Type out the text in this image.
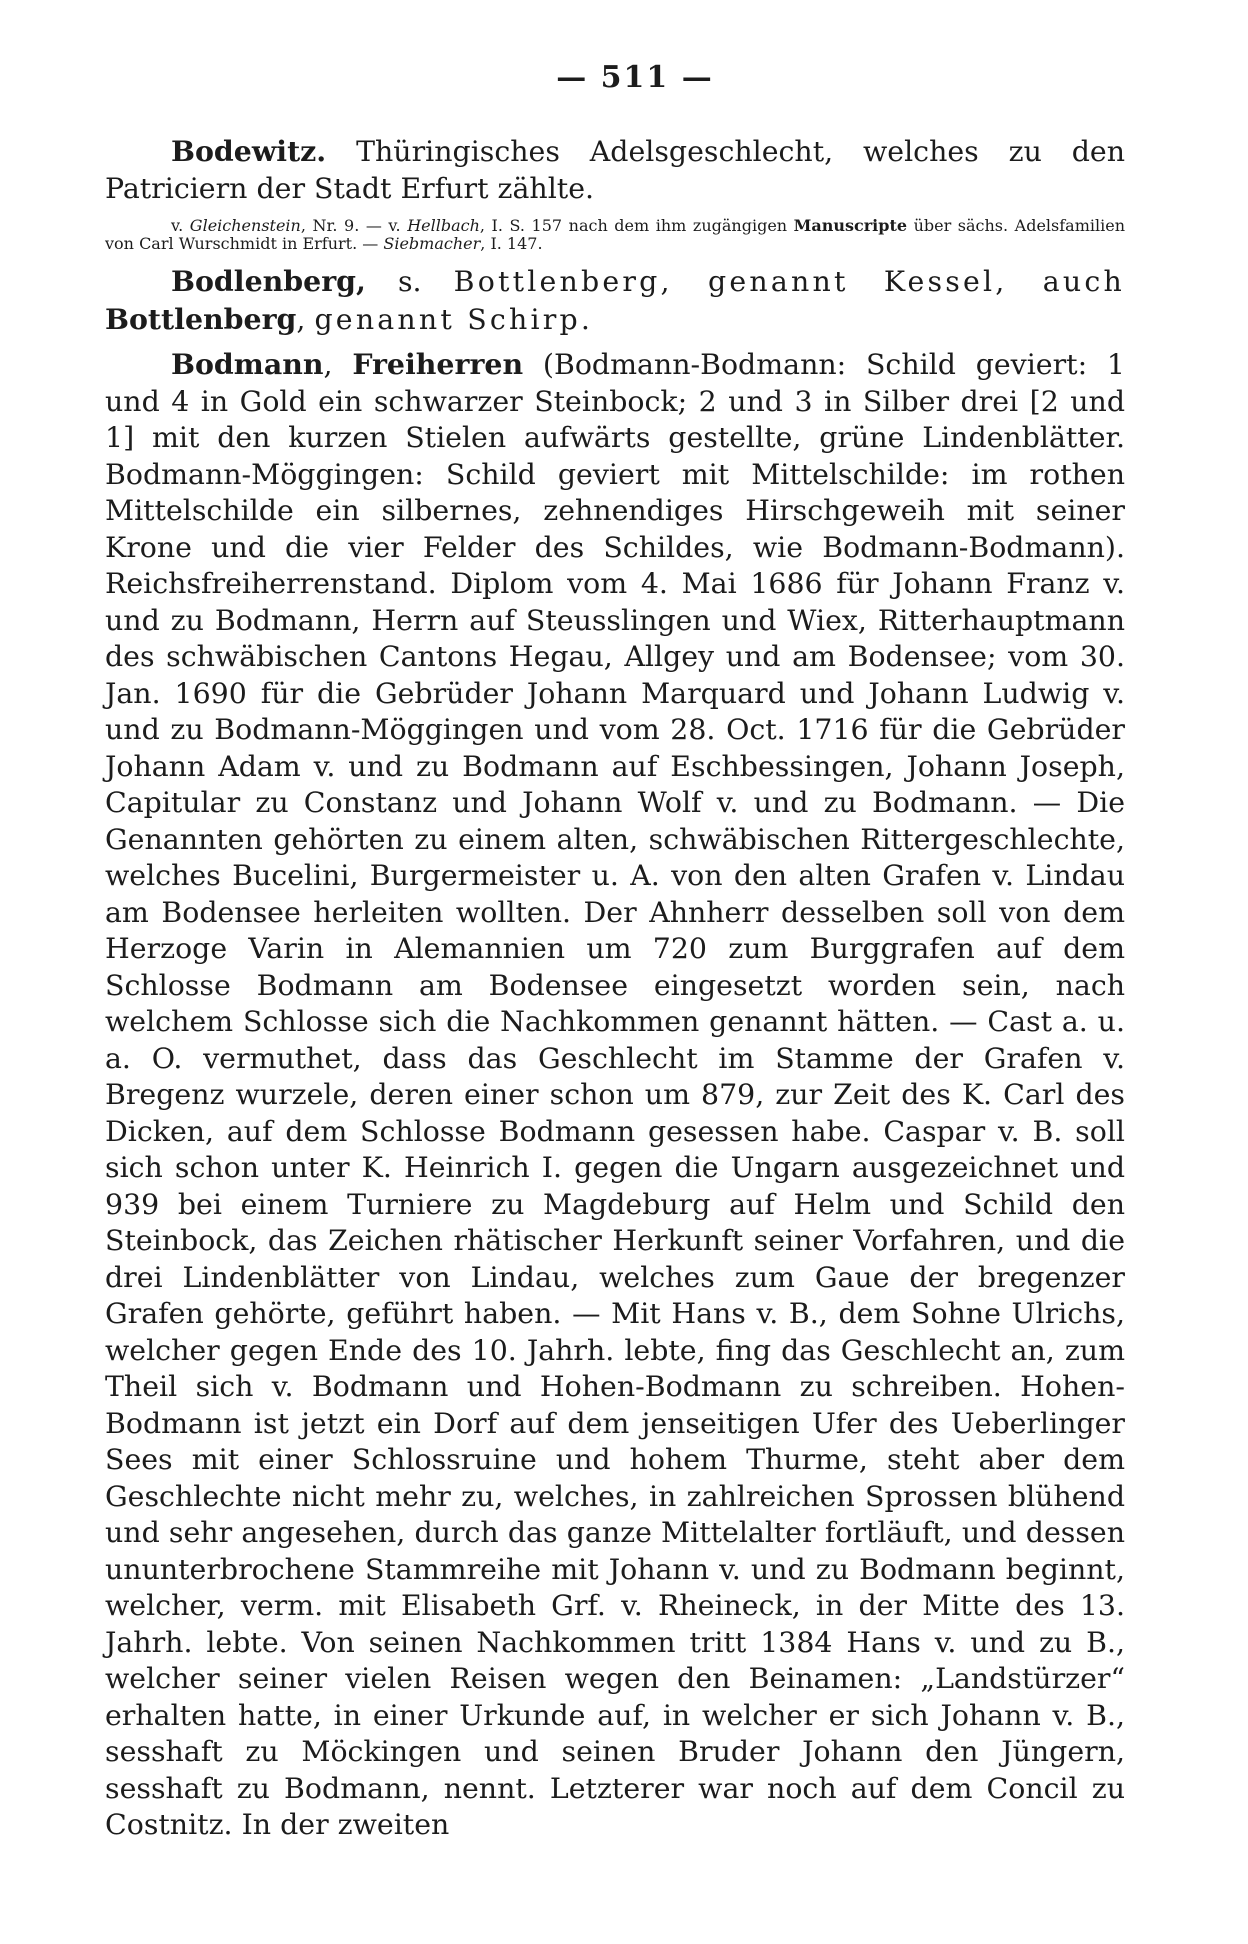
— 511 —

Bodewitz. Thüringisches Adelsgeschlecht, welches zu den Patriciern der Stadt Erfurt zählte.

v. Gleichenstein, Nr. 9. — v. Hellbach, I. S. 157 nach dem ihm zugängigen Manuscripte über sächs. Adelsfamilien von Carl Wurschmidt in Erfurt. — Siebmacher, I. 147.

Bodlenberg, s. Bottlenberg, genannt Kessel, auch Bottlenberg, genannt Schirp.

Bodmann, Freiherren (Bodmann-Bodmann: Schild geviert: 1 und 4 in Gold ein schwarzer Steinbock; 2 und 3 in Silber drei [2 und 1] mit den kurzen Stielen aufwärts gestellte, grüne Lindenblätter. Bodmann-Möggingen: Schild geviert mit Mittelschilde: im rothen Mittelschilde ein silbernes, zehnendiges Hirschgeweih mit seiner Krone und die vier Felder des Schildes, wie Bodmann-Bodmann). Reichsfreiherrenstand. Diplom vom 4. Mai 1686 für Johann Franz v. und zu Bodmann, Herrn auf Steusslingen und Wiex, Ritterhauptmann des schwäbischen Cantons Hegau, Allgey und am Bodensee; vom 30. Jan. 1690 für die Gebrüder Johann Marquard und Johann Ludwig v. und zu Bodmann-Möggingen und vom 28. Oct. 1716 für die Gebrüder Johann Adam v. und zu Bodmann auf Eschbessingen, Johann Joseph, Capitular zu Constanz und Johann Wolf v. und zu Bodmann. — Die Genannten gehörten zu einem alten, schwäbischen Rittergeschlechte, welches Bucelini, Burgermeister u. A. von den alten Grafen v. Lindau am Bodensee herleiten wollten. Der Ahnherr desselben soll von dem Herzoge Varin in Alemannien um 720 zum Burggrafen auf dem Schlosse Bodmann am Bodensee eingesetzt worden sein, nach welchem Schlosse sich die Nachkommen genannt hätten. — Cast a. u. a. O. vermuthet, dass das Geschlecht im Stamme der Grafen v. Bregenz wurzele, deren einer schon um 879, zur Zeit des K. Carl des Dicken, auf dem Schlosse Bodmann gesessen habe. Caspar v. B. soll sich schon unter K. Heinrich I. gegen die Ungarn ausgezeichnet und 939 bei einem Turniere zu Magdeburg auf Helm und Schild den Steinbock, das Zeichen rhätischer Herkunft seiner Vorfahren, und die drei Lindenblätter von Lindau, welches zum Gaue der bregenzer Grafen gehörte, geführt haben. — Mit Hans v. B., dem Sohne Ulrichs, welcher gegen Ende des 10. Jahrh. lebte, fing das Geschlecht an, zum Theil sich v. Bodmann und Hohen-Bodmann zu schreiben. Hohen-Bodmann ist jetzt ein Dorf auf dem jenseitigen Ufer des Ueberlinger Sees mit einer Schlossruine und hohem Thurme, steht aber dem Geschlechte nicht mehr zu, welches, in zahlreichen Sprossen blühend und sehr angesehen, durch das ganze Mittelalter fortläuft, und dessen ununterbrochene Stammreihe mit Johann v. und zu Bodmann beginnt, welcher, verm. mit Elisabeth Grf. v. Rheineck, in der Mitte des 13. Jahrh. lebte. Von seinen Nachkommen tritt 1384 Hans v. und zu B., welcher seiner vielen Reisen wegen den Beinamen: „Landstürzer“ erhalten hatte, in einer Urkunde auf, in welcher er sich Johann v. B., sesshaft zu Möckingen und seinen Bruder Johann den Jüngern, sesshaft zu Bodmann, nennt. Letzterer war noch auf dem Concil zu Costnitz. In der zweiten
